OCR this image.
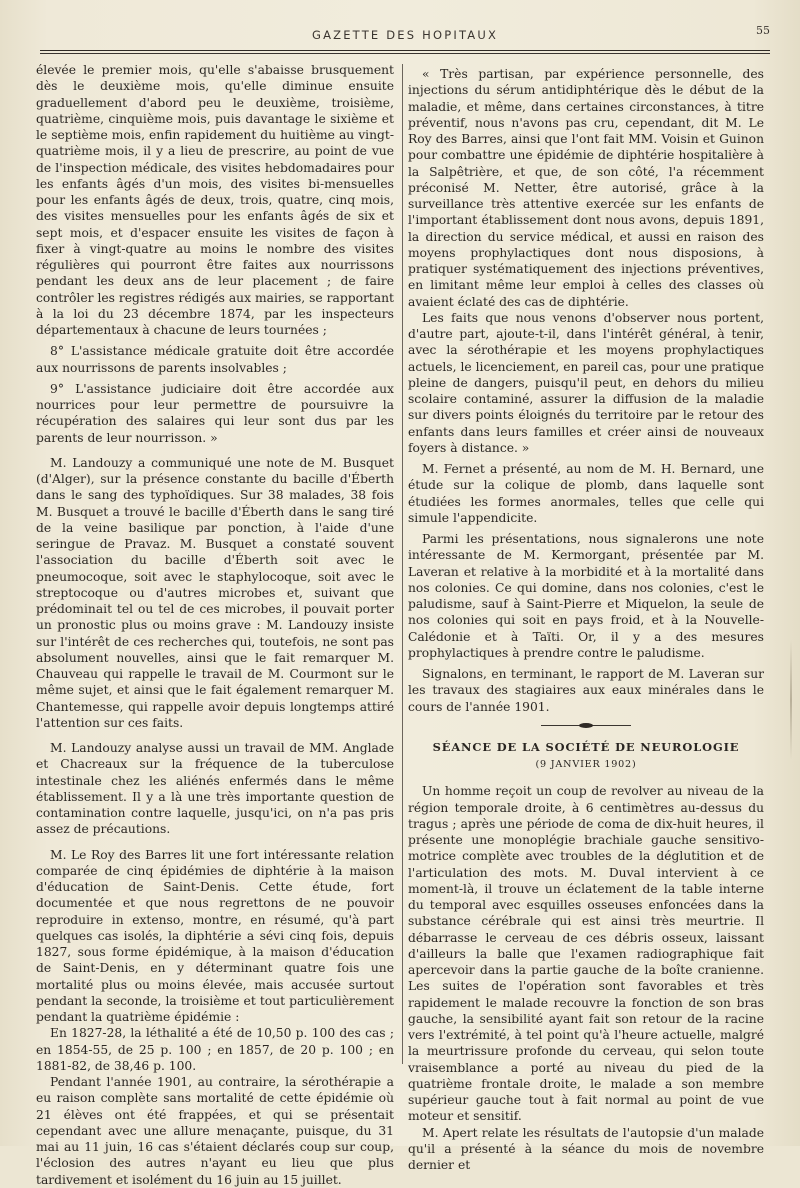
GAZETTE DES HOPITAUX	55

élevée le premier mois, qu'elle s'abaisse brusquement dès le deuxième mois, qu'elle diminue ensuite graduellement d'abord peu le deuxième, troisième, quatrième, cinquième mois, puis davantage le sixième et le septième mois, enfin rapidement du huitième au vingt-quatrième mois, il y a lieu de prescrire, au point de vue de l'inspection médicale, des visites hebdomadaires pour les enfants âgés d'un mois, des visites bi-mensuelles pour les enfants âgés de deux, trois, quatre, cinq mois, des visites mensuelles pour les enfants âgés de six et sept mois, et d'espacer ensuite les visites de façon à fixer à vingt-quatre au moins le nombre des visites régulières qui pourront être faites aux nourrissons pendant les deux ans de leur placement ; de faire contrôler les registres rédigés aux mairies, se rapportant à la loi du 23 décembre 1874, par les inspecteurs départementaux à chacune de leurs tournées ;

8° L'assistance médicale gratuite doit être accordée aux nourrissons de parents insolvables ;

9° L'assistance judiciaire doit être accordée aux nourrices pour leur permettre de poursuivre la récupération des salaires qui leur sont dus par les parents de leur nourrisson. »

M. Landouzy a communiqué une note de M. Busquet (d'Alger), sur la présence constante du bacille d'Éberth dans le sang des typhoïdiques. Sur 38 malades, 38 fois M. Busquet a trouvé le bacille d'Éberth dans le sang tiré de la veine basilique par ponction, à l'aide d'une seringue de Pravaz. M. Busquet a constaté souvent l'association du bacille d'Éberth soit avec le pneumocoque, soit avec le staphylocoque, soit avec le streptocoque ou d'autres microbes et, suivant que prédominait tel ou tel de ces microbes, il pouvait porter un pronostic plus ou moins grave : M. Landouzy insiste sur l'intérêt de ces recherches qui, toutefois, ne sont pas absolument nouvelles, ainsi que le fait remarquer M. Chauveau qui rappelle le travail de M. Courmont sur le même sujet, et ainsi que le fait également remarquer M. Chantemesse, qui rappelle avoir depuis longtemps attiré l'attention sur ces faits.

M. Landouzy analyse aussi un travail de MM. Anglade et Chacreaux sur la fréquence de la tuberculose intestinale chez les aliénés enfermés dans le même établissement. Il y a là une très importante question de contamination contre laquelle, jusqu'ici, on n'a pas pris assez de précautions.

M. Le Roy des Barres lit une fort intéressante relation comparée de cinq épidémies de diphtérie à la maison d'éducation de Saint-Denis. Cette étude, fort documentée et que nous regrettons de ne pouvoir reproduire in extenso, montre, en résumé, qu'à part quelques cas isolés, la diphtérie a sévi cinq fois, depuis 1827, sous forme épidémique, à la maison d'éducation de Saint-Denis, en y déterminant quatre fois une mortalité plus ou moins élevée, mais accusée surtout pendant la seconde, la troisième et tout particulièrement pendant la quatrième épidémie :

En 1827-28, la léthalité a été de 10,50 p. 100 des cas ; en 1854-55, de 25 p. 100 ; en 1857, de 20 p. 100 ; en 1881-82, de 38,46 p. 100.

Pendant l'année 1901, au contraire, la sérothérapie a eu raison complète sans mortalité de cette épidémie où 21 élèves ont été frappées, et qui se présentait cependant avec une allure menaçante, puisque, du 31 mai au 11 juin, 16 cas s'étaient déclarés coup sur coup, l'éclosion des autres n'ayant eu lieu que plus tardivement et isolément du 16 juin au 15 juillet.

« Très partisan, par expérience personnelle, des injections du sérum antidiphtérique dès le début de la maladie, et même, dans certaines circonstances, à titre préventif, nous n'avons pas cru, cependant, dit M. Le Roy des Barres, ainsi que l'ont fait MM. Voisin et Guinon pour combattre une épidémie de diphtérie hospitalière à la Salpêtrière, et que, de son côté, l'a récemment préconisé M. Netter, être autorisé, grâce à la surveillance très attentive exercée sur les enfants de l'important établissement dont nous avons, depuis 1891, la direction du service médical, et aussi en raison des moyens prophylactiques dont nous disposions, à pratiquer systématiquement des injections préventives, en limitant même leur emploi à celles des classes où avaient éclaté des cas de diphtérie.

Les faits que nous venons d'observer nous portent, d'autre part, ajoute-t-il, dans l'intérêt général, à tenir, avec la sérothérapie et les moyens prophylactiques actuels, le licenciement, en pareil cas, pour une pratique pleine de dangers, puisqu'il peut, en dehors du milieu scolaire contaminé, assurer la diffusion de la maladie sur divers points éloignés du territoire par le retour des enfants dans leurs familles et créer ainsi de nouveaux foyers à distance. »

M. Fernet a présenté, au nom de M. H. Bernard, une étude sur la colique de plomb, dans laquelle sont étudiées les formes anormales, telles que celle qui simule l'appendicite.

Parmi les présentations, nous signalerons une note intéressante de M. Kermorgant, présentée par M. Laveran et relative à la morbidité et à la mortalité dans nos colonies. Ce qui domine, dans nos colonies, c'est le paludisme, sauf à Saint-Pierre et Miquelon, la seule de nos colonies qui soit en pays froid, et à la Nouvelle-Calédonie et à Taïti. Or, il y a des mesures prophylactiques à prendre contre le paludisme.

Signalons, en terminant, le rapport de M. Laveran sur les travaux des stagiaires aux eaux minérales dans le cours de l'année 1901.

SÉANCE DE LA SOCIÉTÉ DE NEUROLOGIE
(9 JANVIER 1902)

Un homme reçoit un coup de revolver au niveau de la région temporale droite, à 6 centimètres au-dessus du tragus ; après une période de coma de dix-huit heures, il présente une monoplégie brachiale gauche sensitivo-motrice complète avec troubles de la déglutition et de l'articulation des mots. M. Duval intervient à ce moment-là, il trouve un éclatement de la table interne du temporal avec esquilles osseuses enfoncées dans la substance cérébrale qui est ainsi très meurtrie. Il débarrasse le cerveau de ces débris osseux, laissant d'ailleurs la balle que l'examen radiographique fait apercevoir dans la partie gauche de la boîte cranienne. Les suites de l'opération sont favorables et très rapidement le malade recouvre la fonction de son bras gauche, la sensibilité ayant fait son retour de la racine vers l'extrémité, à tel point qu'à l'heure actuelle, malgré la meurtrissure profonde du cerveau, qui selon toute vraisemblance a porté au niveau du pied de la quatrième frontale droite, le malade a son membre supérieur gauche tout à fait normal au point de vue moteur et sensitif.

M. Apert relate les résultats de l'autopsie d'un malade qu'il a présenté à la séance du mois de novembre dernier et
